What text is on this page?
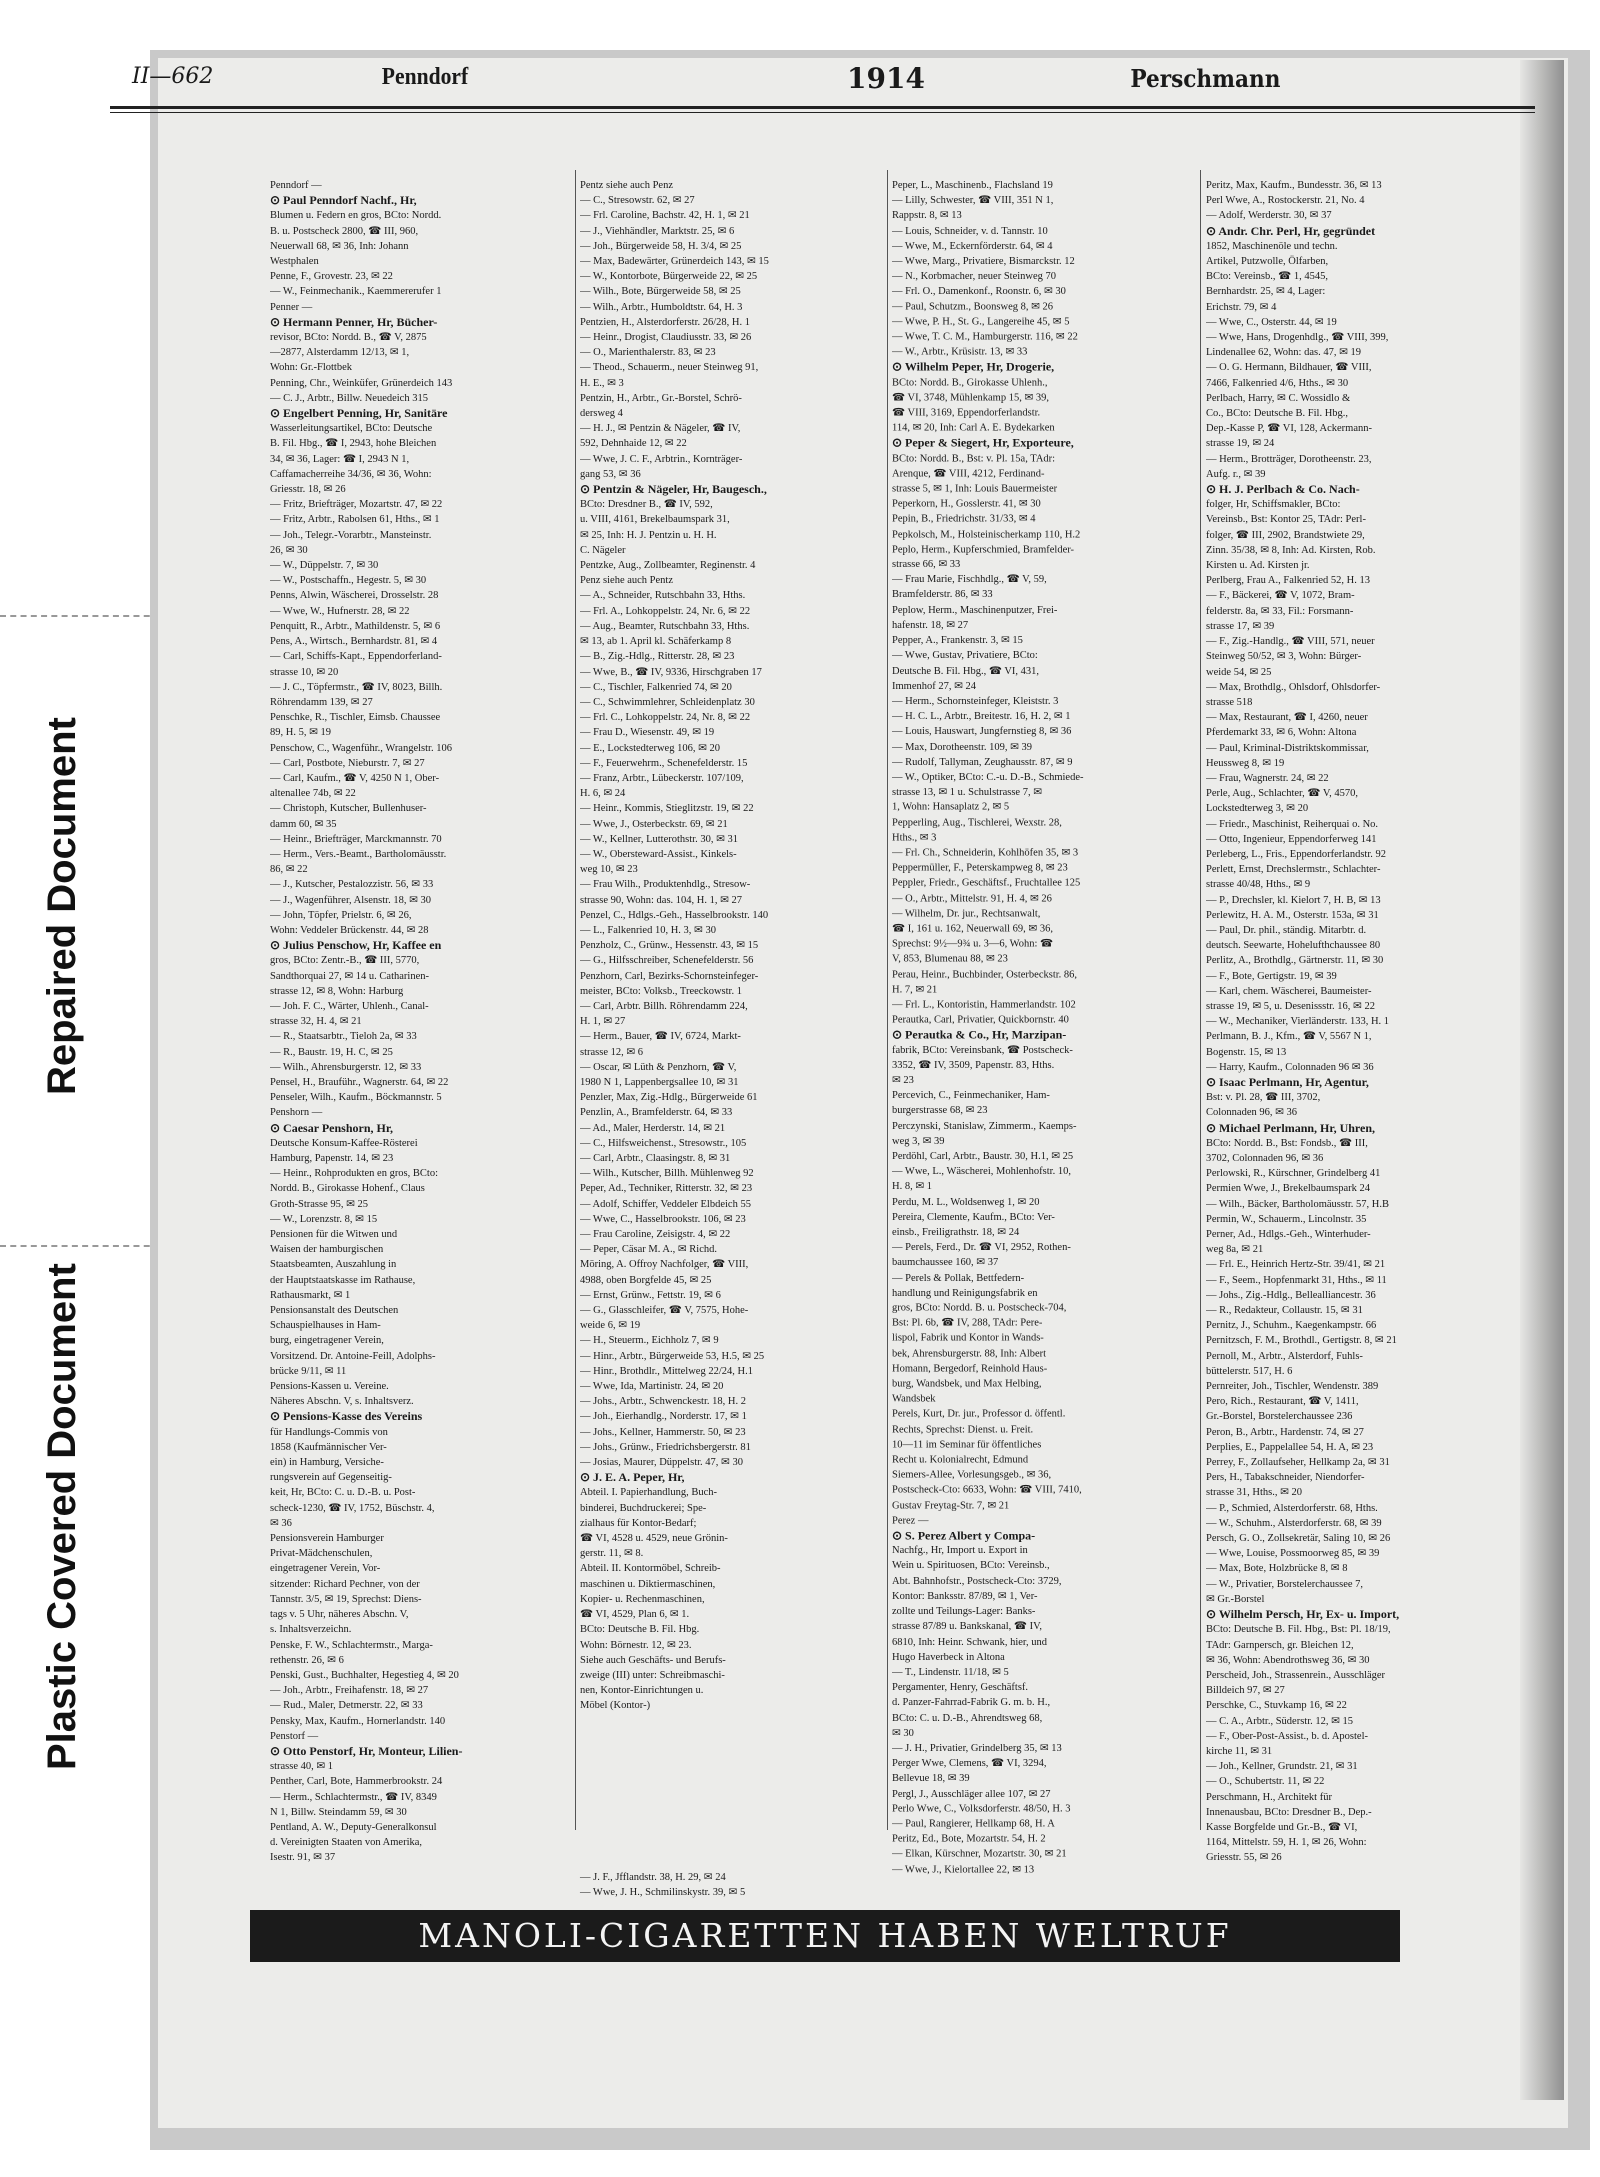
Repaired Document
Plastic Covered Document
II—662	Penndorf	1914	Perschmann
Penndorf —
⊙ Paul Penndorf Nachf., Hr,
Blumen u. Federn en gros, BCto: Nordd.
B. u. Postscheck 2800, ☎ III, 960,
Neuerwall 68, ✉ 36, Inh: Johann
Westphalen
Penne, F., Grovestr. 23, ✉ 22
— W., Feinmechanik., Kaemmererufer 1
Penner —
⊙ Hermann Penner, Hr, Bücher-
revisor, BCto: Nordd. B., ☎ V, 2875
—2877, Alsterdamm 12/13, ✉ 1,
Wohn: Gr.-Flottbek
Penning, Chr., Weinküfer, Grünerdeich 143
— C. J., Arbtr., Billw. Neuedeich 315
⊙ Engelbert Penning, Hr, Sanitäre
Wasserleitungsartikel, BCto: Deutsche
B. Fil. Hbg., ☎ I, 2943, hohe Bleichen
34, ✉ 36, Lager: ☎ I, 2943 N 1,
Caffamacherreihe 34/36, ✉ 36, Wohn:
Griesstr. 18, ✉ 26
— Fritz, Briefträger, Mozartstr. 47, ✉ 22
— Fritz, Arbtr., Rabolsen 61, Hths., ✉ 1
— Joh., Telegr.-Vorarbtr., Mansteinstr.
26, ✉ 30
— W., Düppelstr. 7, ✉ 30
— W., Postschaffn., Hegestr. 5, ✉ 30
Penns, Alwin, Wäscherei, Drosselstr. 28
— Wwe, W., Hufnerstr. 28, ✉ 22
Penquitt, R., Arbtr., Mathildenstr. 5, ✉ 6
Pens, A., Wirtsch., Bernhardstr. 81, ✉ 4
— Carl, Schiffs-Kapt., Eppendorferland-
strasse 10, ✉ 20
— J. C., Töpfermstr., ☎ IV, 8023, Billh.
Röhrendamm 139, ✉ 27
Penschke, R., Tischler, Eimsb. Chaussee
89, H. 5, ✉ 19
Penschow, C., Wagenführ., Wrangelstr. 106
— Carl, Postbote, Nieburstr. 7, ✉ 27
— Carl, Kaufm., ☎ V, 4250 N 1, Ober-
altenallee 74b, ✉ 22
— Christoph, Kutscher, Bullenhuser-
damm 60, ✉ 35
— Heinr., Briefträger, Marckmannstr. 70
— Herm., Vers.-Beamt., Bartholomäusstr.
86, ✉ 22
— J., Kutscher, Pestalozzistr. 56, ✉ 33
— J., Wagenführer, Alsenstr. 18, ✉ 30
— John, Töpfer, Prielstr. 6, ✉ 26,
Wohn: Veddeler Brückenstr. 44, ✉ 28
⊙ Julius Penschow, Hr, Kaffee en
gros, BCto: Zentr.-B., ☎ III, 5770,
Sandthorquai 27, ✉ 14 u. Catharinen-
strasse 12, ✉ 8, Wohn: Harburg
— Joh. F. C., Wärter, Uhlenh., Canal-
strasse 32, H. 4, ✉ 21
— R., Staatsarbtr., Tieloh 2a, ✉ 33
— R., Baustr. 19, H. C, ✉ 25
— Wilh., Ahrensburgerstr. 12, ✉ 33
Pensel, H., Brauführ., Wagnerstr. 64, ✉ 22
Penseler, Wilh., Kaufm., Böckmannstr. 5
Penshorn —
⊙ Caesar Penshorn, Hr,
Deutsche Konsum-Kaffee-Rösterei
Hamburg, Papenstr. 14, ✉ 23
— Heinr., Rohprodukten en gros, BCto:
Nordd. B., Girokasse Hohenf., Claus
Groth-Strasse 95, ✉ 25
— W., Lorenzstr. 8, ✉ 15
Pensionen für die Witwen und
Waisen der hamburgischen
Staatsbeamten, Auszahlung in
der Hauptstaatskasse im Rathause,
Rathausmarkt, ✉ 1
Pensionsanstalt des Deutschen
Schauspielhauses in Ham-
burg, eingetragener Verein,
Vorsitzend. Dr. Antoine-Feill, Adolphs-
brücke 9/11, ✉ 11
Pensions-Kassen u. Vereine.
Näheres Abschn. V, s. Inhaltsverz.
⊙ Pensions-Kasse des Vereins
für Handlungs-Commis von
1858 (Kaufmännischer Ver-
ein) in Hamburg, Versiche-
rungsverein auf Gegenseitig-
keit, Hr, BCto: C. u. D.-B. u. Post-
scheck-1230, ☎ IV, 1752, Büschstr. 4,
✉ 36
Pensionsverein Hamburger
Privat-Mädchenschulen,
eingetragener Verein, Vor-
sitzender: Richard Pechner, von der
Tannstr. 3/5, ✉ 19, Sprechst: Diens-
tags v. 5 Uhr, näheres Abschn. V,
s. Inhaltsverzeichn.
Penske, F. W., Schlachtermstr., Marga-
rethenstr. 26, ✉ 6
Penski, Gust., Buchhalter, Hegestieg 4, ✉ 20
— Joh., Arbtr., Freihafenstr. 18, ✉ 27
— Rud., Maler, Detmerstr. 22, ✉ 33
Pensky, Max, Kaufm., Hornerlandstr. 140
Penstorf —
⊙ Otto Penstorf, Hr, Monteur, Lilien-
strasse 40, ✉ 1
Penther, Carl, Bote, Hammerbrookstr. 24
— Herm., Schlachtermstr., ☎ IV, 8349
N 1, Billw. Steindamm 59, ✉ 30
Pentland, A. W., Deputy-Generalkonsul
d. Vereinigten Staaten von Amerika,
Isestr. 91, ✉ 37
Pentz siehe auch Penz
— C., Stresowstr. 62, ✉ 27
— Frl. Caroline, Bachstr. 42, H. 1, ✉ 21
— J., Viehhändler, Marktstr. 25, ✉ 6
— Joh., Bürgerweide 58, H. 3/4, ✉ 25
— Max, Badewärter, Grünerdeich 143, ✉ 15
— W., Kontorbote, Bürgerweide 22, ✉ 25
— Wilh., Bote, Bürgerweide 58, ✉ 25
— Wilh., Arbtr., Humboldtstr. 64, H. 3
Pentzien, H., Alsterdorferstr. 26/28, H. 1
— Heinr., Drogist, Claudiusstr. 33, ✉ 26
— O., Marienthalerstr. 83, ✉ 23
— Theod., Schauerm., neuer Steinweg 91,
H. E., ✉ 3
Pentzin, H., Arbtr., Gr.-Borstel, Schrö-
dersweg 4
— H. J., ✉ Pentzin & Nägeler, ☎ IV,
592, Dehnhaide 12, ✉ 22
— Wwe, J. C. F., Arbtrin., Kornträger-
gang 53, ✉ 36
⊙ Pentzin & Nägeler, Hr, Baugesch.,
BCto: Dresdner B., ☎ IV, 592,
u. VIII, 4161, Brekelbaumspark 31,
✉ 25, Inh: H. J. Pentzin u. H. H.
C. Nägeler
Pentzke, Aug., Zollbeamter, Reginenstr. 4
Penz siehe auch Pentz
— A., Schneider, Rutschbahn 33, Hths.
— Frl. A., Lohkoppelstr. 24, Nr. 6, ✉ 22
— Aug., Beamter, Rutschbahn 33, Hths.
✉ 13, ab 1. April kl. Schäferkamp 8
— B., Zig.-Hdlg., Ritterstr. 28, ✉ 23
— Wwe, B., ☎ IV, 9336, Hirschgraben 17
— C., Tischler, Falkenried 74, ✉ 20
— C., Schwimmlehrer, Schleidenplatz 30
— Frl. C., Lohkoppelstr. 24, Nr. 8, ✉ 22
— Frau D., Wiesenstr. 49, ✉ 19
— E., Lockstedterweg 106, ✉ 20
— F., Feuerwehrm., Schenefelderstr. 15
— Franz, Arbtr., Lübeckerstr. 107/109,
H. 6, ✉ 24
— Heinr., Kommis, Stieglitzstr. 19, ✉ 22
— Wwe, J., Osterbeckstr. 69, ✉ 21
— W., Kellner, Lutterothstr. 30, ✉ 31
— W., Obersteward-Assist., Kinkels-
weg 10, ✉ 23
— Frau Wilh., Produktenhdlg., Stresow-
strasse 90, Wohn: das. 104, H. 1, ✉ 27
Penzel, C., Hdlgs.-Geh., Hasselbrookstr. 140
— L., Falkenried 10, H. 3, ✉ 30
Penzholz, C., Grünw., Hessenstr. 43, ✉ 15
— G., Hilfsschreiber, Schenefelderstr. 56
Penzhorn, Carl, Bezirks-Schornsteinfeger-
meister, BCto: Volksb., Treeckowstr. 1
— Carl, Arbtr. Billh. Röhrendamm 224,
H. 1, ✉ 27
— Herm., Bauer, ☎ IV, 6724, Markt-
strasse 12, ✉ 6
— Oscar, ✉ Lüth & Penzhorn, ☎ V,
1980 N 1, Lappenbergsallee 10, ✉ 31
Penzler, Max, Zig.-Hdlg., Bürgerweide 61
Penzlin, A., Bramfelderstr. 64, ✉ 33
— Ad., Maler, Herderstr. 14, ✉ 21
— C., Hilfsweichenst., Stresowstr., 105
— Carl, Arbtr., Claasingstr. 8, ✉ 31
— Wilh., Kutscher, Billh. Mühlenweg 92
Peper, Ad., Techniker, Ritterstr. 32, ✉ 23
— Adolf, Schiffer, Veddeler Elbdeich 55
— Wwe, C., Hasselbrookstr. 106, ✉ 23
— Frau Caroline, Zeisigstr. 4, ✉ 22
— Peper, Cäsar M. A., ✉ Richd.
Möring, A. Offroy Nachfolger, ☎ VIII,
4988, oben Borgfelde 45, ✉ 25
— Ernst, Grünw., Fettstr. 19, ✉ 6
— G., Glasschleifer, ☎ V, 7575, Hohe-
weide 6, ✉ 19
— H., Steuerm., Eichholz 7, ✉ 9
— Hinr., Arbtr., Bürgerweide 53, H.5, ✉ 25
— Hinr., Brothdlr., Mittelweg 22/24, H.1
— Wwe, Ida, Martinistr. 24, ✉ 20
— Johs., Arbtr., Schwenckestr. 18, H. 2
— Joh., Eierhandlg., Norderstr. 17, ✉ 1
— Johs., Kellner, Hammerstr. 50, ✉ 23
— Johs., Grünw., Friedrichsbergerstr. 81
— Josias, Maurer, Düppelstr. 47, ✉ 30
⊙ J. E. A. Peper, Hr,
Abteil. I. Papierhandlung, Buch-
binderei, Buchdruckerei; Spe-
zialhaus für Kontor-Bedarf;
☎ VI, 4528 u. 4529, neue Grönin-
gerstr. 11, ✉ 8.
Abteil. II. Kontormöbel, Schreib-
maschinen u. Diktiermaschinen,
Kopier- u. Rechenmaschinen,
☎ VI, 4529, Plan 6, ✉ 1.
BCto: Deutsche B. Fil. Hbg.
Wohn: Börnestr. 12, ✉ 23.
Siehe auch Geschäfts- und Berufs-
zweige (III) unter: Schreibmaschi-
nen, Kontor-Einrichtungen u.
Möbel (Kontor-)
Peper, L., Maschinenb., Flachsland 19
— Lilly, Schwester, ☎ VIII, 351 N 1,
Rappstr. 8, ✉ 13
— Louis, Schneider, v. d. Tannstr. 10
— Wwe, M., Eckernförderstr. 64, ✉ 4
— Wwe, Marg., Privatiere, Bismarckstr. 12
— N., Korbmacher, neuer Steinweg 70
— Frl. O., Damenkonf., Roonstr. 6, ✉ 30
— Paul, Schutzm., Boonsweg 8, ✉ 26
— Wwe, P. H., St. G., Langereihe 45, ✉ 5
— Wwe, T. C. M., Hamburgerstr. 116, ✉ 22
— W., Arbtr., Krüsistr. 13, ✉ 33
⊙ Wilhelm Peper, Hr, Drogerie,
BCto: Nordd. B., Girokasse Uhlenh.,
☎ VI, 3748, Mühlenkamp 15, ✉ 39,
☎ VIII, 3169, Eppendorferlandstr.
114, ✉ 20, Inh: Carl A. E. Bydekarken
⊙ Peper & Siegert, Hr, Exporteure,
BCto: Nordd. B., Bst: v. Pl. 15a, TAdr:
Arenque, ☎ VIII, 4212, Ferdinand-
strasse 5, ✉ 1, Inh: Louis Bauermeister
Peperkorn, H., Gosslerstr. 41, ✉ 30
Pepin, B., Friedrichstr. 31/33, ✉ 4
Pepkolsch, M., Holsteinischerkamp 110, H.2
Peplo, Herm., Kupferschmied, Bramfelder-
strasse 66, ✉ 33
— Frau Marie, Fischhdlg., ☎ V, 59,
Bramfelderstr. 86, ✉ 33
Peplow, Herm., Maschinenputzer, Frei-
hafenstr. 18, ✉ 27
Pepper, A., Frankenstr. 3, ✉ 15
— Wwe, Gustav, Privatiere, BCto:
Deutsche B. Fil. Hbg., ☎ VI, 431,
Immenhof 27, ✉ 24
— Herm., Schornsteinfeger, Kleiststr. 3
— H. C. L., Arbtr., Breitestr. 16, H. 2, ✉ 1
— Louis, Hauswart, Jungfernstieg 8, ✉ 36
— Max, Dorotheenstr. 109, ✉ 39
— Rudolf, Tallyman, Zeughausstr. 87, ✉ 9
— W., Optiker, BCto: C.-u. D.-B., Schmiede-
strasse 13, ✉ 1 u. Schulstrasse 7, ✉
1, Wohn: Hansaplatz 2, ✉ 5
Pepperling, Aug., Tischlerei, Wexstr. 28,
Hths., ✉ 3
— Frl. Ch., Schneiderin, Kohlhöfen 35, ✉ 3
Peppermüller, F., Peterskampweg 8, ✉ 23
Peppler, Friedr., Geschäftsf., Fruchtallee 125
— O., Arbtr., Mittelstr. 91, H. 4, ✉ 26
— Wilhelm, Dr. jur., Rechtsanwalt,
☎ I, 161 u. 162, Neuerwall 69, ✉ 36,
Sprechst: 9½—9¾ u. 3—6, Wohn: ☎
V, 853, Blumenau 88, ✉ 23
Perau, Heinr., Buchbinder, Osterbeckstr. 86,
H. 7, ✉ 21
— Frl. L., Kontoristin, Hammerlandstr. 102
Perautka, Carl, Privatier, Quickbornstr. 40
⊙ Perautka & Co., Hr, Marzipan-
fabrik, BCto: Vereinsbank, ☎ Postscheck-
3352, ☎ IV, 3509, Papenstr. 83, Hths.
✉ 23
Percevich, C., Feinmechaniker, Ham-
burgerstrasse 68, ✉ 23
Perczynski, Stanislaw, Zimmerm., Kaemps-
weg 3, ✉ 39
Perdöhl, Carl, Arbtr., Baustr. 30, H.1, ✉ 25
— Wwe, L., Wäscherei, Mohlenhofstr. 10,
H. 8, ✉ 1
Perdu, M. L., Woldsenweg 1, ✉ 20
Pereira, Clemente, Kaufm., BCto: Ver-
einsb., Freiligrathstr. 18, ✉ 24
— Perels, Ferd., Dr. ☎ VI, 2952, Rothen-
baumchaussee 160, ✉ 37
— Perels & Pollak, Bettfedern-
handlung und Reinigungsfabrik en
gros, BCto: Nordd. B. u. Postscheck-704,
Bst: Pl. 6b, ☎ IV, 288, TAdr: Pere-
lispol, Fabrik und Kontor in Wands-
bek, Ahrensburgerstr. 88, Inh: Albert
Homann, Bergedorf, Reinhold Haus-
burg, Wandsbek, und Max Helbing,
Wandsbek
Perels, Kurt, Dr. jur., Professor d. öffentl.
Rechts, Sprechst: Dienst. u. Freit.
10—11 im Seminar für öffentliches
Recht u. Kolonialrecht, Edmund
Siemers-Allee, Vorlesungsgeb., ✉ 36,
Postscheck-Cto: 6633, Wohn: ☎ VIII, 7410,
Gustav Freytag-Str. 7, ✉ 21
Perez —
⊙ S. Perez Albert y Compa-
Nachfg., Hr, Import u. Export in
Wein u. Spirituosen, BCto: Vereinsb.,
Abt. Bahnhofstr., Postscheck-Cto: 3729,
Kontor: Banksstr. 87/89, ✉ 1, Ver-
zollte und Teilungs-Lager: Banks-
strasse 87/89 u. Bankskanal, ☎ IV,
6810, Inh: Heinr. Schwank, hier, und
Hugo Haverbeck in Altona
— T., Lindenstr. 11/18, ✉ 5
Pergamenter, Henry, Geschäftsf.
d. Panzer-Fahrrad-Fabrik G. m. b. H.,
BCto: C. u. D.-B., Ahrendtsweg 68,
✉ 30
— J. H., Privatier, Grindelberg 35, ✉ 13
Perger Wwe, Clemens, ☎ VI, 3294,
Bellevue 18, ✉ 39
Pergl, J., Ausschläger allee 107, ✉ 27
Perlo Wwe, C., Volksdorferstr. 48/50, H. 3
— Paul, Rangierer, Hellkamp 68, H. A
Peritz, Ed., Bote, Mozartstr. 54, H. 2
— Elkan, Kürschner, Mozartstr. 30, ✉ 21
— Wwe, J., Kielortallee 22, ✉ 13
Peritz, Max, Kaufm., Bundesstr. 36, ✉ 13
Perl Wwe, A., Rostockerstr. 21, No. 4
— Adolf, Werderstr. 30, ✉ 37
⊙ Andr. Chr. Perl, Hr, gegründet
1852, Maschinenöle und techn.
Artikel, Putzwolle, Ölfarben,
BCto: Vereinsb., ☎ 1, 4545,
Bernhardstr. 25, ✉ 4, Lager:
Erichstr. 79, ✉ 4
— Wwe, C., Osterstr. 44, ✉ 19
— Wwe, Hans, Drogenhdlg., ☎ VIII, 399,
Lindenallee 62, Wohn: das. 47, ✉ 19
— O. G. Hermann, Bildhauer, ☎ VIII,
7466, Falkenried 4/6, Hths., ✉ 30
Perlbach, Harry, ✉ C. Wossidlo &
Co., BCto: Deutsche B. Fil. Hbg.,
Dep.-Kasse P, ☎ VI, 128, Ackermann-
strasse 19, ✉ 24
— Herm., Brotträger, Dorotheenstr. 23,
Aufg. r., ✉ 39
⊙ H. J. Perlbach & Co. Nach-
folger, Hr, Schiffsmakler, BCto:
Vereinsb., Bst: Kontor 25, TAdr: Perl-
folger, ☎ III, 2902, Brandstwiete 29,
Zinn. 35/38, ✉ 8, Inh: Ad. Kirsten, Rob.
Kirsten u. Ad. Kirsten jr.
Perlberg, Frau A., Falkenried 52, H. 13
— F., Bäckerei, ☎ V, 1072, Bram-
felderstr. 8a, ✉ 33, Fil.: Forsmann-
strasse 17, ✉ 39
— F., Zig.-Handlg., ☎ VIII, 571, neuer
Steinweg 50/52, ✉ 3, Wohn: Bürger-
weide 54, ✉ 25
— Max, Brothdlg., Ohlsdorf, Ohlsdorfer-
strasse 518
— Max, Restaurant, ☎ I, 4260, neuer
Pferdemarkt 33, ✉ 6, Wohn: Altona
— Paul, Kriminal-Distriktskommissar,
Heussweg 8, ✉ 19
— Frau, Wagnerstr. 24, ✉ 22
Perle, Aug., Schlachter, ☎ V, 4570,
Lockstedterweg 3, ✉ 20
— Friedr., Maschinist, Reiherquai o. No.
— Otto, Ingenieur, Eppendorferweg 141
Perleberg, L., Fris., Eppendorferlandstr. 92
Perlett, Ernst, Drechslermstr., Schlachter-
strasse 40/48, Hths., ✉ 9
— P., Drechsler, kl. Kielort 7, H. B, ✉ 13
Perlewitz, H. A. M., Osterstr. 153a, ✉ 31
— Paul, Dr. phil., ständig. Mitarbtr. d.
deutsch. Seewarte, Hohelufthchaussee 80
Perlitz, A., Brothdlg., Gärtnerstr. 11, ✉ 30
— F., Bote, Gertigstr. 19, ✉ 39
— Karl, chem. Wäscherei, Baumeister-
strasse 19, ✉ 5, u. Desenissstr. 16, ✉ 22
— W., Mechaniker, Vierländerstr. 133, H. 1
Perlmann, B. J., Kfm., ☎ V, 5567 N 1,
Bogenstr. 15, ✉ 13
— Harry, Kaufm., Colonnaden 96 ✉ 36
⊙ Isaac Perlmann, Hr, Agentur,
Bst: v. Pl. 28, ☎ III, 3702,
Colonnaden 96, ✉ 36
⊙ Michael Perlmann, Hr, Uhren,
BCto: Nordd. B., Bst: Fondsb., ☎ III,
3702, Colonnaden 96, ✉ 36
Perlowski, R., Kürschner, Grindelberg 41
Permien Wwe, J., Brekelbaumspark 24
— Wilh., Bäcker, Bartholomäusstr. 57, H.B
Permin, W., Schauerm., Lincolnstr. 35
Perner, Ad., Hdlgs.-Geh., Winterhuder-
weg 8a, ✉ 21
— Frl. E., Heinrich Hertz-Str. 39/41, ✉ 21
— F., Seem., Hopfenmarkt 31, Hths., ✉ 11
— Johs., Zig.-Hdlg., Bellealliancestr. 36
— R., Redakteur, Collaustr. 15, ✉ 31
Pernitz, J., Schuhm., Kaegenkampstr. 66
Pernitzsch, F. M., Brothdl., Gertigstr. 8, ✉ 21
Pernoll, M., Arbtr., Alsterdorf, Fuhls-
büttelerstr. 517, H. 6
Pernreiter, Joh., Tischler, Wendenstr. 389
Pero, Rich., Restaurant, ☎ V, 1411,
Gr.-Borstel, Borstelerchaussee 236
Peron, B., Arbtr., Hardenstr. 74, ✉ 27
Perplies, E., Pappelallee 54, H. A, ✉ 23
Perrey, F., Zollaufseher, Hellkamp 2a, ✉ 31
Pers, H., Tabakschneider, Niendorfer-
strasse 31, Hths., ✉ 20
— P., Schmied, Alsterdorferstr. 68, Hths.
— W., Schuhm., Alsterdorferstr. 68, ✉ 39
Persch, G. O., Zollsekretär, Saling 10, ✉ 26
— Wwe, Louise, Possmoorweg 85, ✉ 39
— Max, Bote, Holzbrücke 8, ✉ 8
— W., Privatier, Borstelerchaussee 7,
✉ Gr.-Borstel
⊙ Wilhelm Persch, Hr, Ex- u. Import,
BCto: Deutsche B. Fil. Hbg., Bst: Pl. 18/19,
TAdr: Garnpersch, gr. Bleichen 12,
✉ 36, Wohn: Abendrothsweg 36, ✉ 30
Perscheid, Joh., Strassenrein., Ausschläger
Billdeich 97, ✉ 27
Perschke, C., Stuvkamp 16, ✉ 22
— C. A., Arbtr., Süderstr. 12, ✉ 15
— F., Ober-Post-Assist., b. d. Apostel-
kirche 11, ✉ 31
— Joh., Kellner, Grundstr. 21, ✉ 31
— O., Schubertstr. 11, ✉ 22
Perschmann, H., Architekt für
Innenausbau, BCto: Dresdner B., Dep.-
Kasse Borgfelde und Gr.-B., ☎ VI,
1164, Mittelstr. 59, H. 1, ✉ 26, Wohn:
Griesstr. 55, ✉ 26
— J. F., Jfflandstr. 38, H. 29, ✉ 24
— Wwe, J. H., Schmilinskystr. 39, ✉ 5
MANOLI-CIGARETTEN HABEN WELTRUF
